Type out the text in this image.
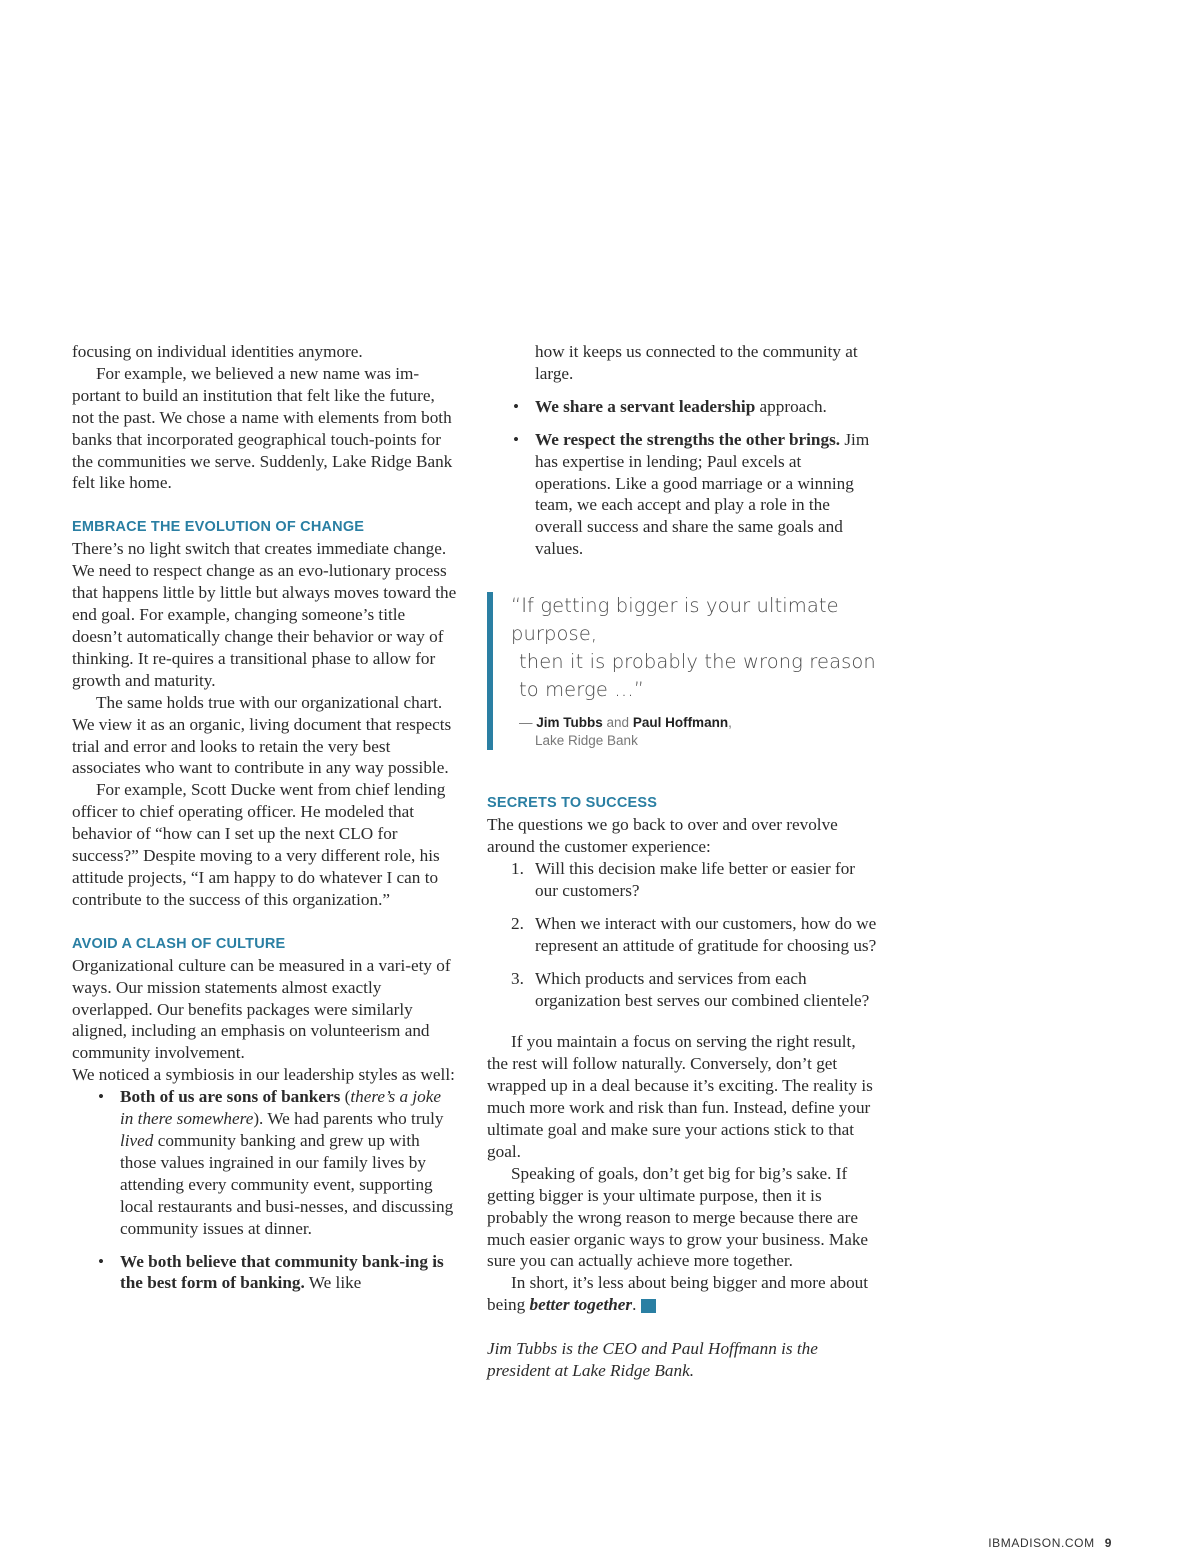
focusing on individual identities anymore.

For example, we believed a new name was im-portant to build an institution that felt like the future, not the past. We chose a name with elements from both banks that incorporated geographical touch-points for the communities we serve. Suddenly, Lake Ridge Bank felt like home.

EMBRACE THE EVOLUTION OF CHANGE

There’s no light switch that creates immediate change. We need to respect change as an evo-lutionary process that happens little by little but always moves toward the end goal. For example, changing someone’s title doesn’t automatically change their behavior or way of thinking. It re-quires a transitional phase to allow for growth and maturity.

The same holds true with our organizational chart. We view it as an organic, living document that respects trial and error and looks to retain the very best associates who want to contribute in any way possible.

For example, Scott Ducke went from chief lending officer to chief operating officer. He modeled that behavior of “how can I set up the next CLO for success?” Despite moving to a very different role, his attitude projects, “I am happy to do whatever I can to contribute to the success of this organization.”

AVOID A CLASH OF CULTURE

Organizational culture can be measured in a vari-ety of ways. Our mission statements almost exactly overlapped. Our benefits packages were similarly aligned, including an emphasis on volunteerism and community involvement.

We noticed a symbiosis in our leadership styles as well:

• Both of us are sons of bankers (there’s a joke in there somewhere). We had parents who truly lived community banking and grew up with those values ingrained in our family lives by attending every community event, supporting local restaurants and busi-nesses, and discussing community issues at dinner.
• We both believe that community bank-ing is the best form of banking. We like

how it keeps us connected to the community at large.

• We share a servant leadership approach.
• We respect the strengths the other brings. Jim has expertise in lending; Paul excels at operations. Like a good marriage or a winning team, we each accept and play a role in the overall success and share the same goals and values.
“If getting bigger is your ultimate purpose,
then it is probably the wrong reason to merge …”
— Jim Tubbs and Paul Hoffmann,
Lake Ridge Bank
SECRETS TO SUCCESS

The questions we go back to over and over revolve around the customer experience:

1. Will this decision make life better or easier for our customers?
2. When we interact with our customers, how do we represent an attitude of gratitude for choosing us?
3. Which products and services from each organization best serves our combined clientele?

If you maintain a focus on serving the right result, the rest will follow naturally. Conversely, don’t get wrapped up in a deal because it’s exciting. The reality is much more work and risk than fun. Instead, define your ultimate goal and make sure your actions stick to that goal.

Speaking of goals, don’t get big for big’s sake. If getting bigger is your ultimate purpose, then it is probably the wrong reason to merge because there are much easier organic ways to grow your business. Make sure you can actually achieve more together.

In short, it’s less about being bigger and more about being better together.	IB

Jim Tubbs is the CEO and Paul Hoffmann is the president at Lake Ridge Bank.

IBMADISON.COM 9
